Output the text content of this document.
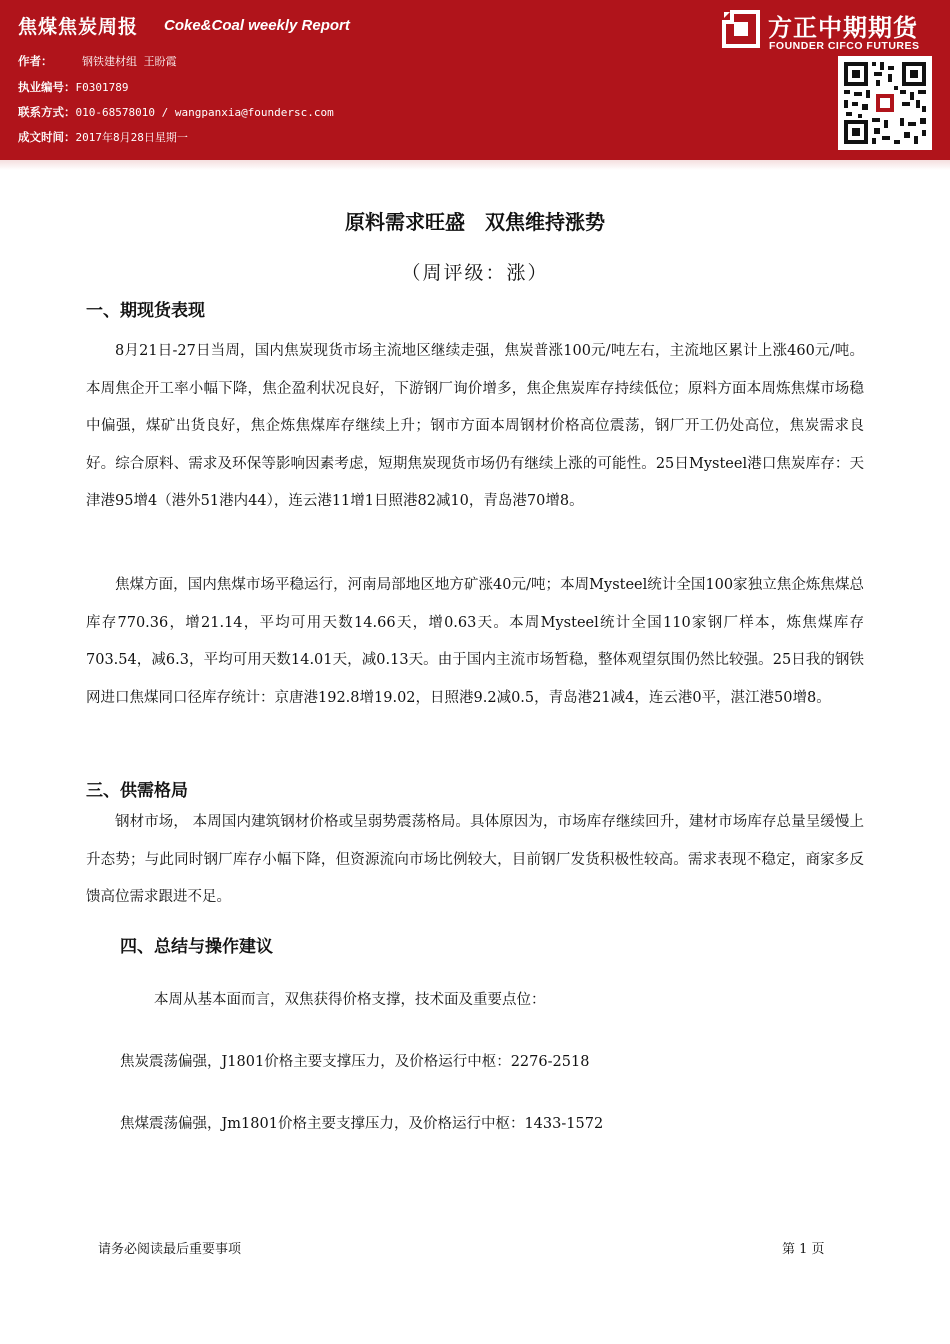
焦煤焦炭周报 Coke&Coal weekly Report
作者：	钢铁建材组 王盼霞
执业编号：F0301789
联系方式：010-68578010 / wangpanxia@foundersc.com
成文时间：2017年8月28日星期一
方正中期期货
FOUNDER CIFCO FUTURES
原料需求旺盛　双焦维持涨势
（周评级：涨）
一、期现货表现

8月21日-27日当周，国内焦炭现货市场主流地区继续走强，焦炭普涨100元/吨左右，主流地区累计上涨460元/吨。本周焦企开工率小幅下降，焦企盈利状况良好，下游钢厂询价增多，焦企焦炭库存持续低位；原料方面本周炼焦煤市场稳中偏强，煤矿出货良好，焦企炼焦煤库存继续上升；钢市方面本周钢材价格高位震荡，钢厂开工仍处高位，焦炭需求良好。综合原料、需求及环保等影响因素考虑，短期焦炭现货市场仍有继续上涨的可能性。25日Mysteel港口焦炭库存：天津港95增4（港外51港内44），连云港11增1日照港82减10，青岛港70增8。

焦煤方面，国内焦煤市场平稳运行，河南局部地区地方矿涨40元/吨；本周Mysteel统计全国100家独立焦企炼焦煤总库存770.36，增21.14，平均可用天数14.66天，增0.63天。本周Mysteel统计全国110家钢厂样本，炼焦煤库存703.54，减6.3，平均可用天数14.01天，减0.13天。由于国内主流市场暂稳，整体观望氛围仍然比较强。25日我的钢铁网进口焦煤同口径库存统计：京唐港192.8增19.02，日照港9.2减0.5，青岛港21减4，连云港0平，湛江港50增8。

三、供需格局

钢材市场， 本周国内建筑钢材价格或呈弱势震荡格局。具体原因为，市场库存继续回升，建材市场库存总量呈缓慢上升态势；与此同时钢厂库存小幅下降，但资源流向市场比例较大，目前钢厂发货积极性较高。需求表现不稳定，商家多反馈高位需求跟进不足。

四、总结与操作建议
本周从基本面而言，双焦获得价格支撑，技术面及重要点位：
焦炭震荡偏强，J1801价格主要支撑压力，及价格运行中枢：2276-2518
焦煤震荡偏强，Jm1801价格主要支撑压力，及价格运行中枢：1433-1572
请务必阅读最后重要事项	第 1 页
